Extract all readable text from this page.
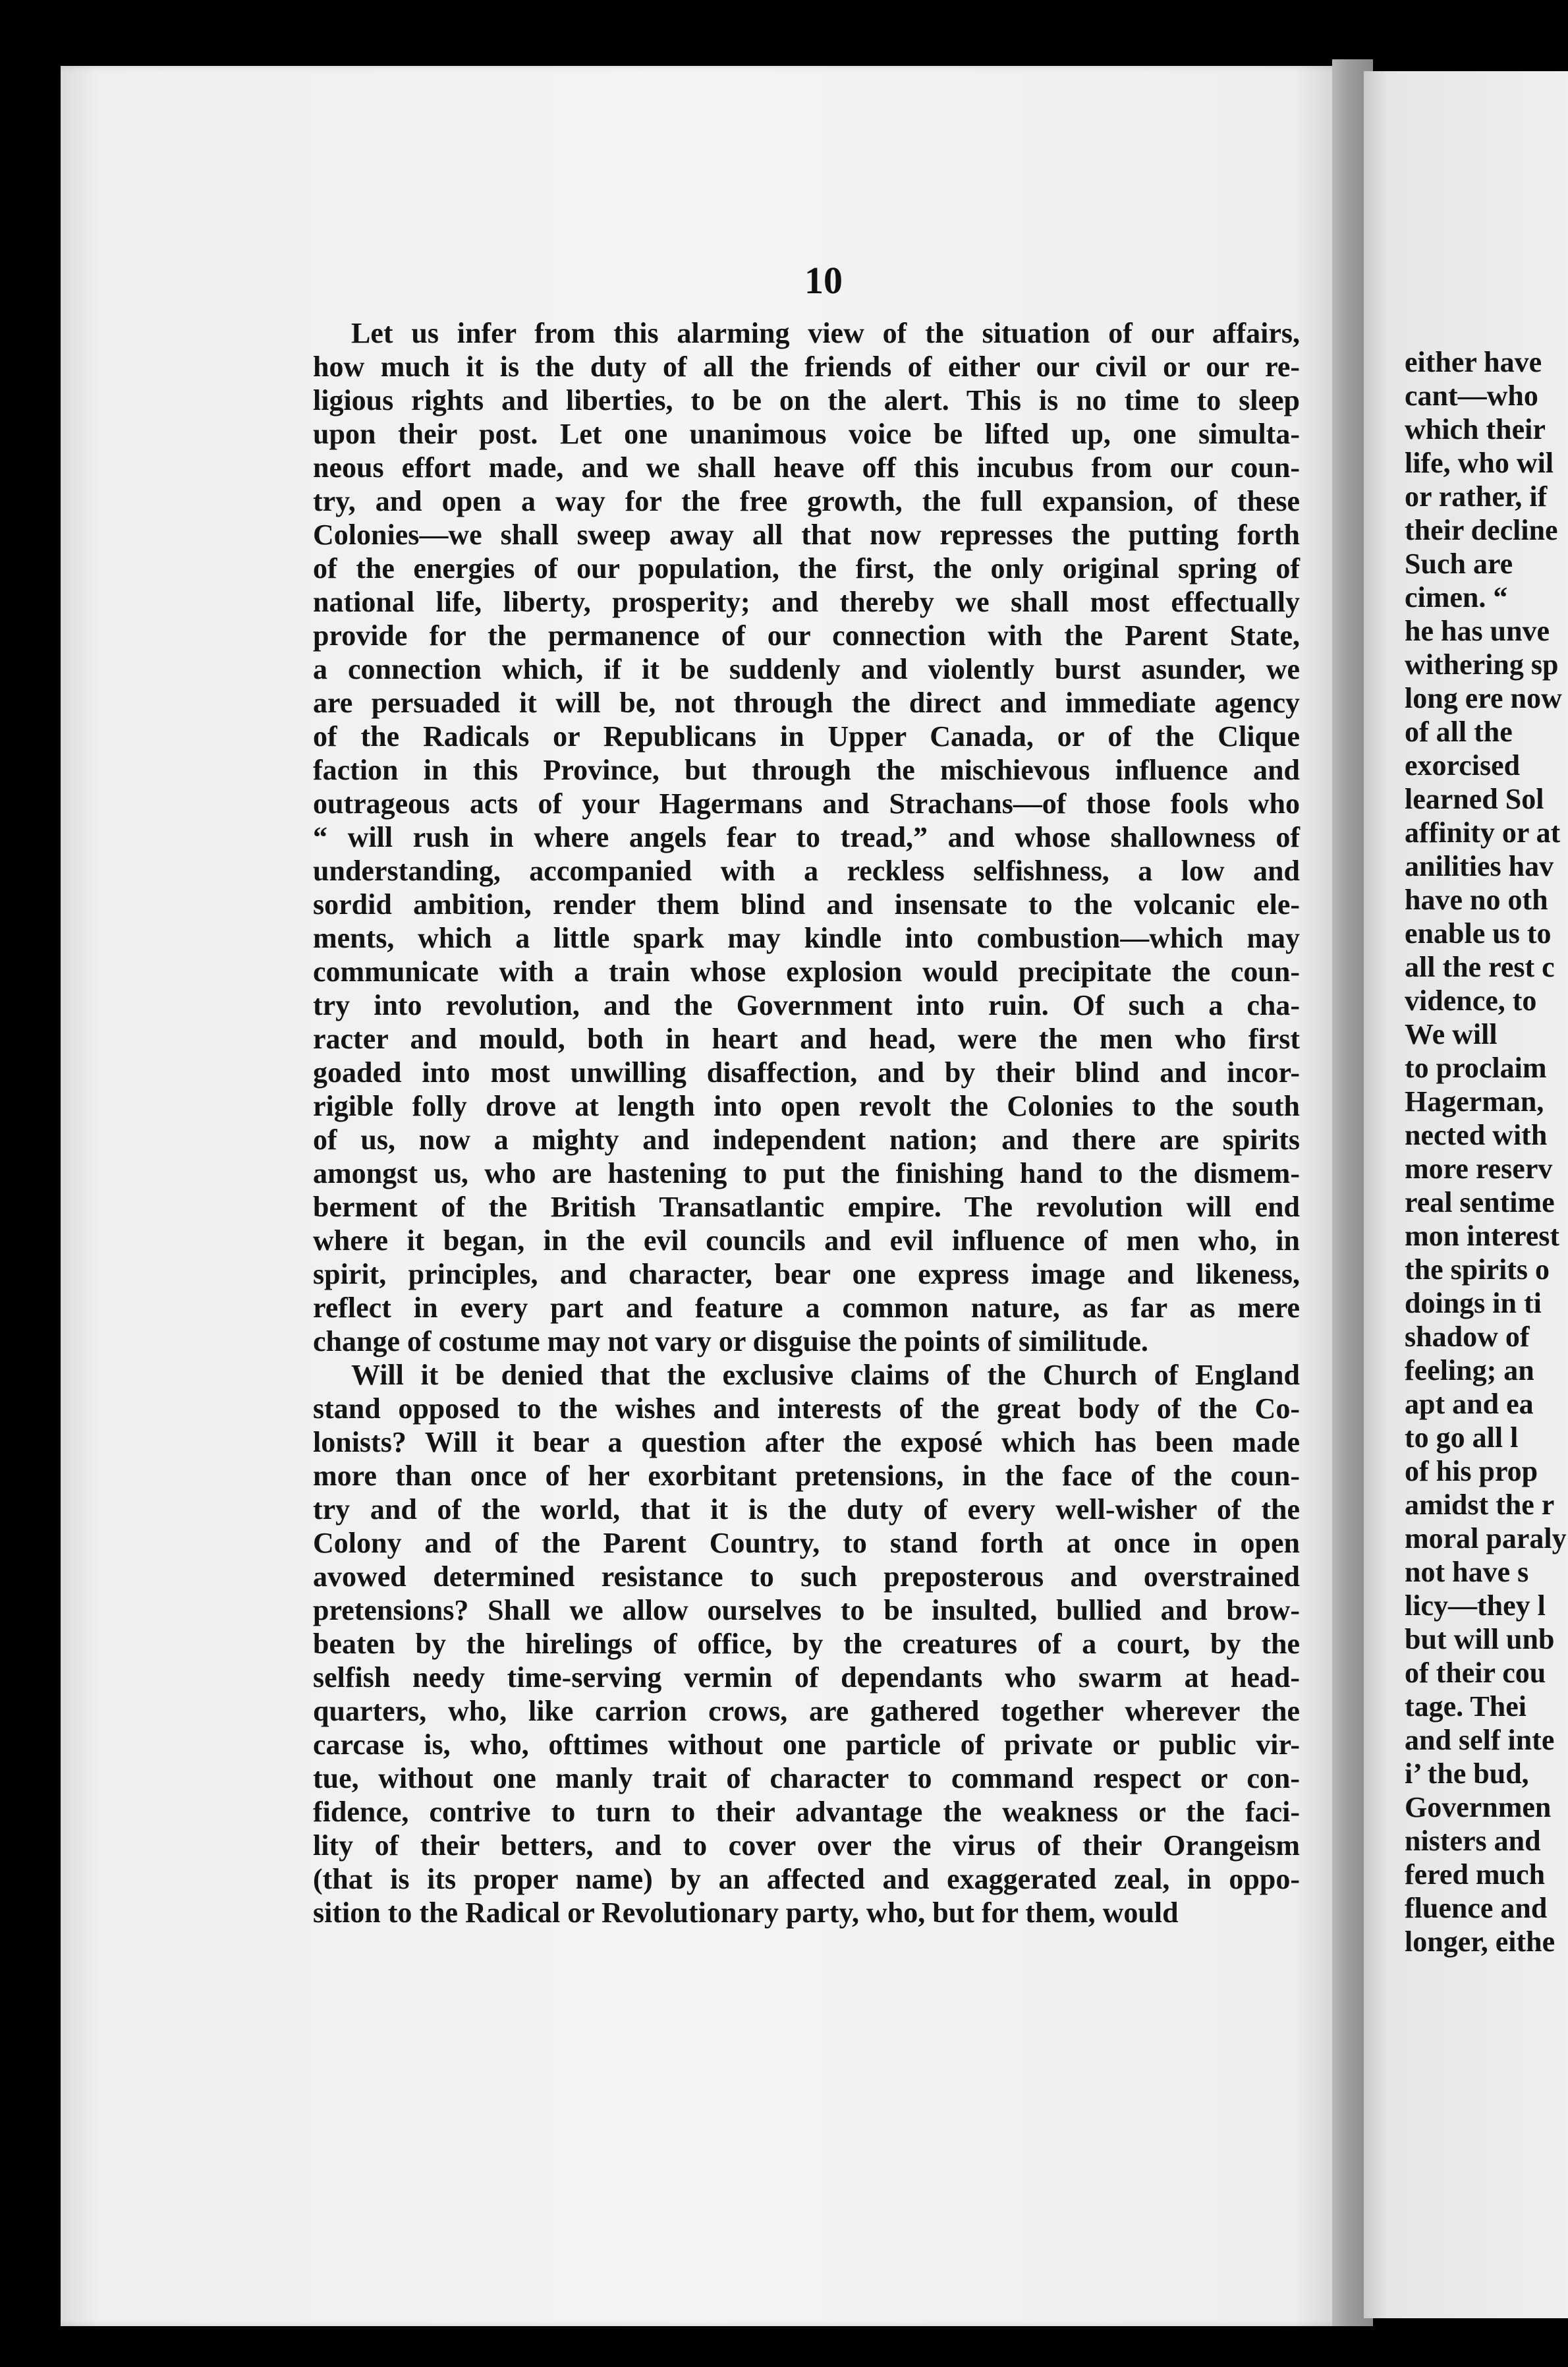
10
Let us infer from this alarming view of the situation of our affairs,
how much it is the duty of all the friends of either our civil or our re-
ligious rights and liberties, to be on the alert. This is no time to sleep
upon their post. Let one unanimous voice be lifted up, one simulta-
neous effort made, and we shall heave off this incubus from our coun-
try, and open a way for the free growth, the full expansion, of these
Colonies—we shall sweep away all that now represses the putting forth
of the energies of our population, the first, the only original spring of
national life, liberty, prosperity; and thereby we shall most effectually
provide for the permanence of our connection with the Parent State,
a connection which, if it be suddenly and violently burst asunder, we
are persuaded it will be, not through the direct and immediate agency
of the Radicals or Republicans in Upper Canada, or of the Clique
faction in this Province, but through the mischievous influence and
outrageous acts of your Hagermans and Strachans—of those fools who
“ will rush in where angels fear to tread,” and whose shallowness of
understanding, accompanied with a reckless selfishness, a low and
sordid ambition, render them blind and insensate to the volcanic ele-
ments, which a little spark may kindle into combustion—which may
communicate with a train whose explosion would precipitate the coun-
try into revolution, and the Government into ruin. Of such a cha-
racter and mould, both in heart and head, were the men who first
goaded into most unwilling disaffection, and by their blind and incor-
rigible folly drove at length into open revolt the Colonies to the south
of us, now a mighty and independent nation; and there are spirits
amongst us, who are hastening to put the finishing hand to the dismem-
berment of the British Transatlantic empire. The revolution will end
where it began, in the evil councils and evil influence of men who, in
spirit, principles, and character, bear one express image and likeness,
reflect in every part and feature a common nature, as far as mere
change of costume may not vary or disguise the points of similitude.
Will it be denied that the exclusive claims of the Church of England
stand opposed to the wishes and interests of the great body of the Co-
lonists? Will it bear a question after the exposé which has been made
more than once of her exorbitant pretensions, in the face of the coun-
try and of the world, that it is the duty of every well-wisher of the
Colony and of the Parent Country, to stand forth at once in open
avowed determined resistance to such preposterous and overstrained
pretensions? Shall we allow ourselves to be insulted, bullied and brow-
beaten by the hirelings of office, by the creatures of a court, by the
selfish needy time-serving vermin of dependants who swarm at head-
quarters, who, like carrion crows, are gathered together wherever the
carcase is, who, ofttimes without one particle of private or public vir-
tue, without one manly trait of character to command respect or con-
fidence, contrive to turn to their advantage the weakness or the faci-
lity of their betters, and to cover over the virus of their Orangeism
(that is its proper name) by an affected and exaggerated zeal, in oppo-
sition to the Radical or Revolutionary party, who, but for them, would
either have
cant—who
which their
life, who wil
or rather, if
their decline
Such are
cimen. “
he has unve
withering sp
long ere now
of all the
exorcised
learned Sol
affinity or at
anilities hav
have no oth
enable us to
all the rest c
vidence, to
We will
to proclaim
Hagerman,
nected with
more reserv
real sentime
mon interest
the spirits o
doings in ti
shadow of
feeling; an
apt and ea
to go all l
of his prop
amidst the r
moral paraly
not have s
licy—they l
but will unb
of their cou
tage. Thei
and self inte
i’ the bud,
Governmen
nisters and
fered much
fluence and
longer, eithe
